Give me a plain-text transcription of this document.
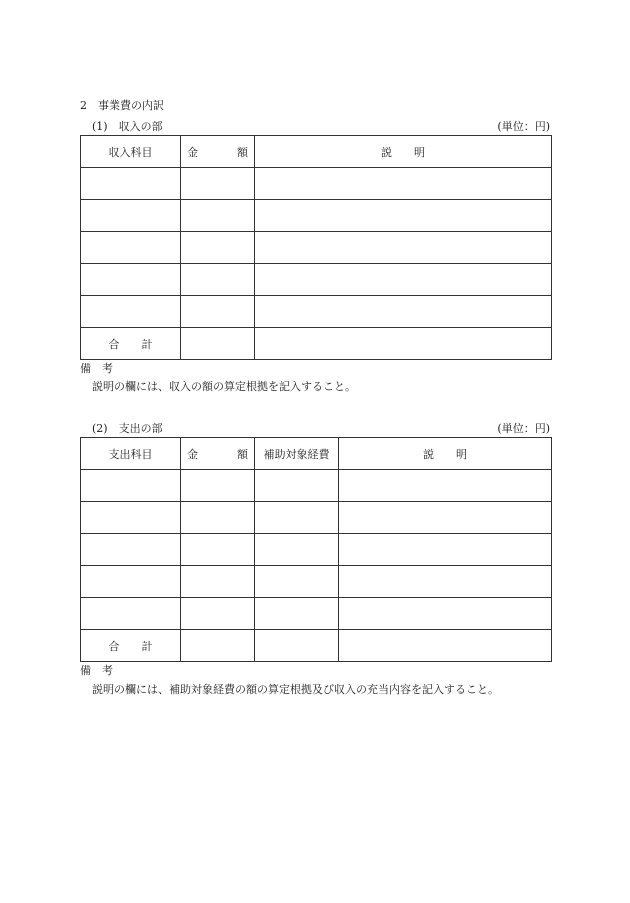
2　事業費の内訳
(1)　収入の部	(単位：円)
収入科目	金 額	説　　明

合　　計		
備　考
説明の欄には、収入の額の算定根拠を記入すること。
(2)　支出の部	(単位：円)
支出科目	金 額	補助対象経費	説　　明

合　　計			
備　考
説明の欄には、補助対象経費の額の算定根拠及び収入の充当内容を記入すること。
